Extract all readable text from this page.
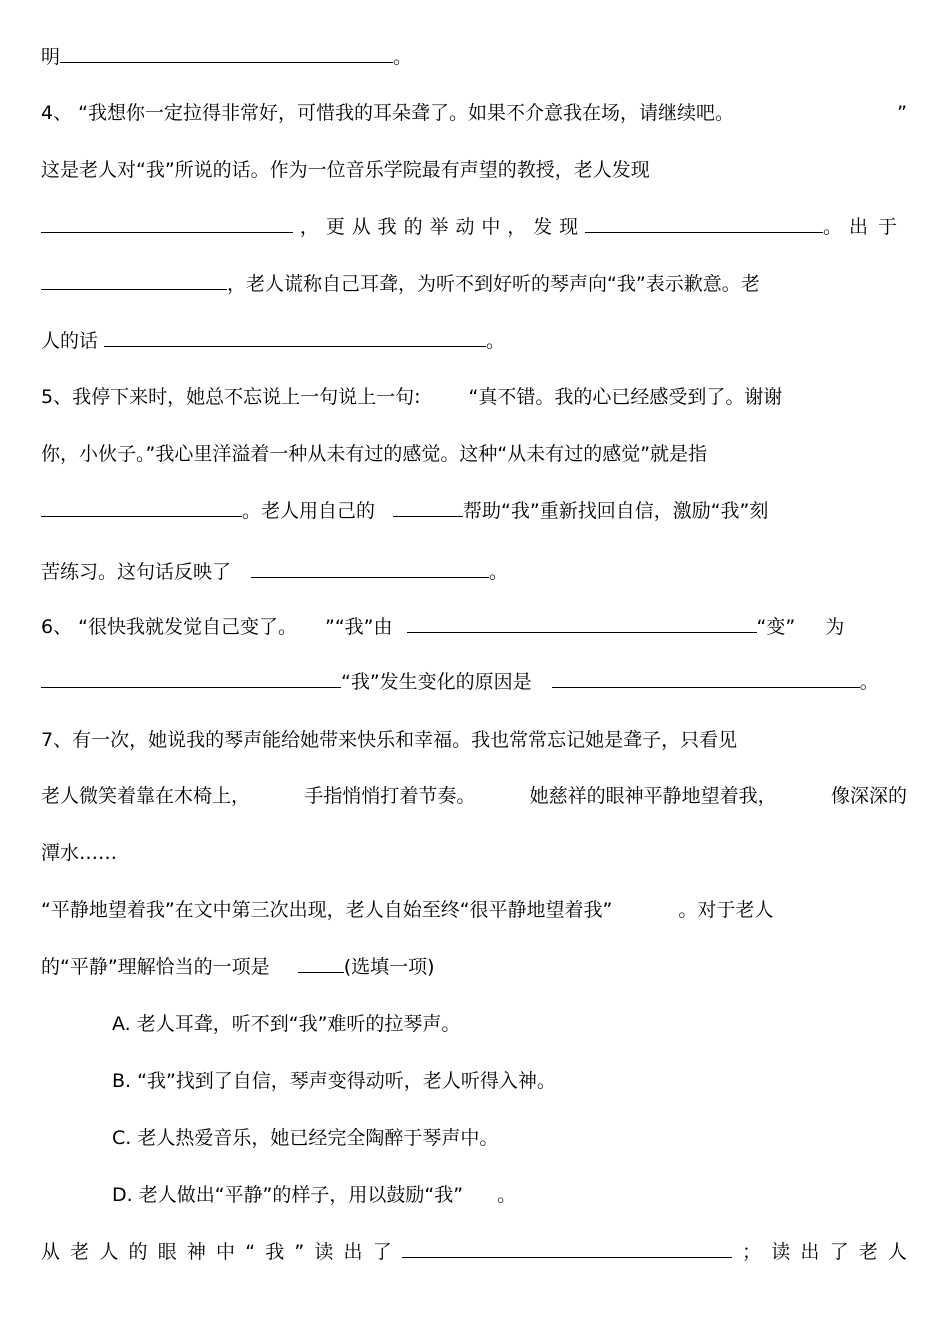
明	。
4、 “我想你一定拉得非常好，可惜我的耳朵聋了。如果不介意我在场，请继续吧。	”
这是老人对“我”所说的话。作为一位音乐学院最有声望的教授，老人发现
， 更 从 我 的 举 动 中 ， 发 现	。 出于
，老人谎称自己耳聋，为听不到好听的琴声向“我”表示歉意。老
人的话	。
5、我停下来时，她总不忘说上一句说上一句:	“真不错。我的心已经感受到了。谢谢
你，小伙子。”我心里洋溢着一种从未有过的感觉。这种“从未有过的感觉”就是指
。老人用自己的	帮助“我”重新找回自信，激励“我”刻
苦练习。这句话反映了	。
6、 “很快我就发觉自己变了。 ”“我”由	“变” 为
“我”发生变化的原因是	。
7、有一次，她说我的琴声能给她带来快乐和幸福。我也常常忘记她是聋子，只看见
老人微笑着靠在木椅上，	手指悄悄打着节奏。	她慈祥的眼神平静地望着我，	像深深的
潭水……
“平静地望着我”在文中第三次出现，老人自始至终“很平静地望着我”	。对于老人
的“平静”理解恰当的一项是	(选填一项)
A. 老人耳聋，听不到“我”难听的拉琴声。
B. “我”找到了自信，琴声变得动听，老人听得入神。
C. 老人热爱音乐，她已经完全陶醉于琴声中。
D. 老人做出“平静”的样子，用以鼓励“我” 。
从 老 人 的 眼 神 中 “ 我 ” 读 出 了	； 读 出 了 老 人
